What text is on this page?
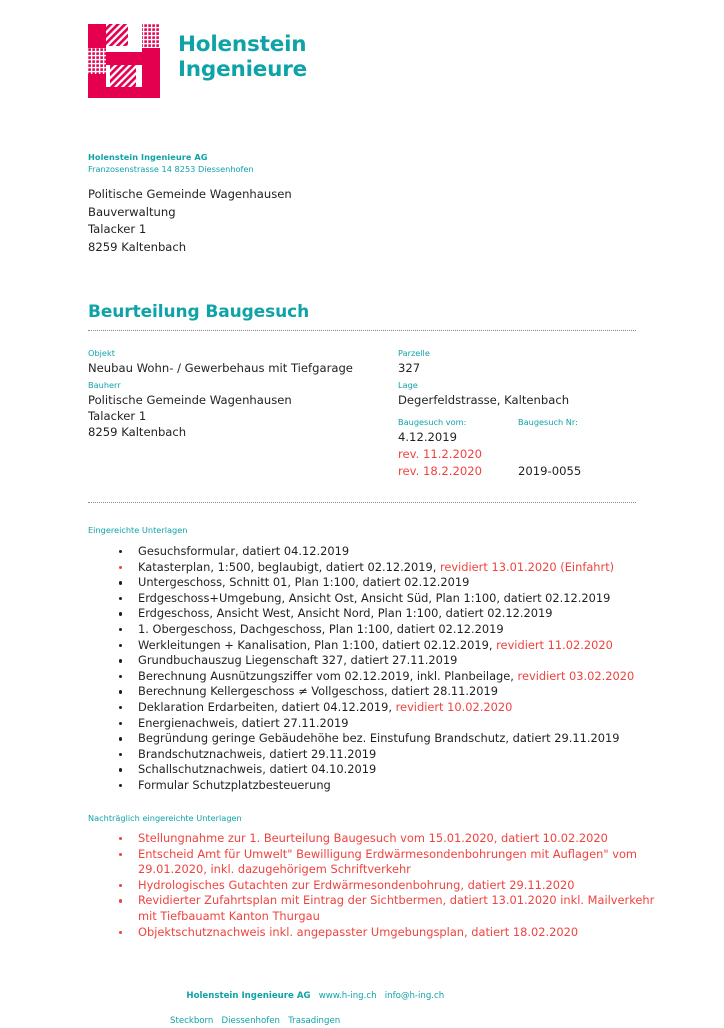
Holenstein
Ingenieure
Holenstein Ingenieure AG
Franzosenstrasse 14 8253 Diessenhofen
Politische Gemeinde Wagenhausen
Bauverwaltung
Talacker 1
8259 Kaltenbach
Beurteilung Baugesuch
Objekt
Neubau Wohn- / Gewerbehaus mit Tiefgarage
Parzelle
327
Bauherr
Politische Gemeinde Wagenhausen
Talacker 1
8259 Kaltenbach
Lage
Degerfeldstrasse, Kaltenbach
Baugesuch vom:	Baugesuch Nr:
4.12.2019
rev. 11.2.2020
rev. 18.2.2020	2019-0055
Eingereichte Unterlagen
Gesuchsformular, datiert 04.12.2019
Katasterplan, 1:500, beglaubigt, datiert 02.12.2019, revidiert 13.01.2020 (Einfahrt)
Untergeschoss, Schnitt 01, Plan 1:100, datiert 02.12.2019
Erdgeschoss+Umgebung, Ansicht Ost, Ansicht Süd, Plan 1:100, datiert 02.12.2019
Erdgeschoss, Ansicht West, Ansicht Nord, Plan 1:100, datiert 02.12.2019
1. Obergeschoss, Dachgeschoss, Plan 1:100, datiert 02.12.2019
Werkleitungen + Kanalisation, Plan 1:100, datiert 02.12.2019, revidiert 11.02.2020
Grundbuchauszug Liegenschaft 327, datiert 27.11.2019
Berechnung Ausnützungsziffer vom 02.12.2019, inkl. Planbeilage, revidiert 03.02.2020
Berechnung Kellergeschoss ≠ Vollgeschoss, datiert 28.11.2019
Deklaration Erdarbeiten, datiert 04.12.2019, revidiert 10.02.2020
Energienachweis, datiert 27.11.2019
Begründung geringe Gebäudehöhe bez. Einstufung Brandschutz, datiert 29.11.2019
Brandschutznachweis, datiert 29.11.2019
Schallschutznachweis, datiert 04.10.2019
Formular Schutzplatzbesteuerung
Nachträglich eingereichte Unterlagen
Stellungnahme zur 1. Beurteilung Baugesuch vom 15.01.2020, datiert 10.02.2020
Entscheid Amt für Umwelt" Bewilligung Erdwärmesondenbohrungen mit Auflagen" vom 29.01.2020, inkl. dazugehörigem Schriftverkehr
Hydrologisches Gutachten zur Erdwärmesondenbohrung, datiert 29.11.2020
Revidierter Zufahrtsplan mit Eintrag der Sichtbermen, datiert 13.01.2020 inkl. Mailverkehr mit Tiefbauamt Kanton Thurgau
Objektschutznachweis inkl. angepasster Umgebungsplan, datiert 18.02.2020

Holenstein Ingenieure AG www.h-ing.ch info@h-ing.ch

Steckborn   Diessenhofen   Trasadingen
